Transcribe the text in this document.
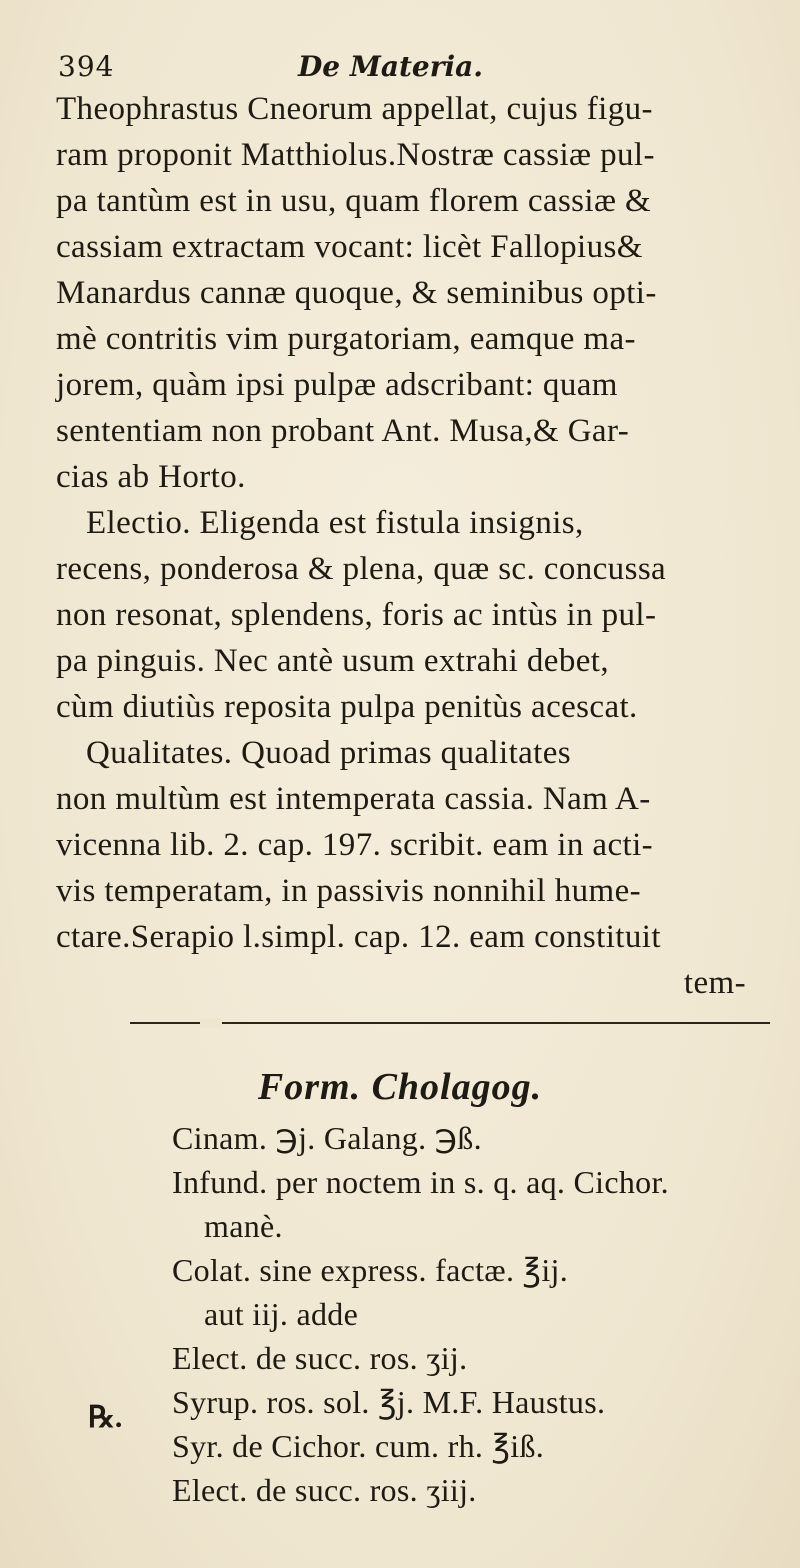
394	De Materia.
Theophrastus Cneorum appellat, cujus figu-
ram proponit Matthiolus.Nostræ cassiæ pul-
pa tantùm est in usu, quam florem cassiæ &
cassiam extractam vocant: licèt Fallopius&
Manardus cannæ quoque, & seminibus opti-
mè contritis vim purgatoriam, eamque ma-
jorem, quàm ipsi pulpæ adscribant: quam
sententiam non probant Ant. Musa,& Gar-
cias ab Horto.
Electio. Eligenda est fistula insignis,
recens, ponderosa & plena, quæ sc. concussa
non resonat, splendens, foris ac intùs in pul-
pa pinguis. Nec antè usum extrahi debet,
cùm diutiùs reposita pulpa penitùs acescat.
Qualitates. Quoad primas qualitates
non multùm est intemperata cassia. Nam A-
vicenna lib. 2. cap. 197. scribit. eam in acti-
vis temperatam, in passivis nonnihil hume-
ctare.Serapio l.simpl. cap. 12. eam constituit
tem-
Form. Cholagog.
℞.
Cinam. ℈j. Galang. ℈ß.
Infund. per noctem in s. q. aq. Cichor.
manè.
Colat. sine express. factæ. ℥ij.
aut iij. adde
Elect. de succ. ros. ʒij.
Syrup. ros. sol. ℥j. M.F. Haustus.
Syr. de Cichor. cum. rh. ℥iß.
Elect. de succ. ros. ʒiij.
